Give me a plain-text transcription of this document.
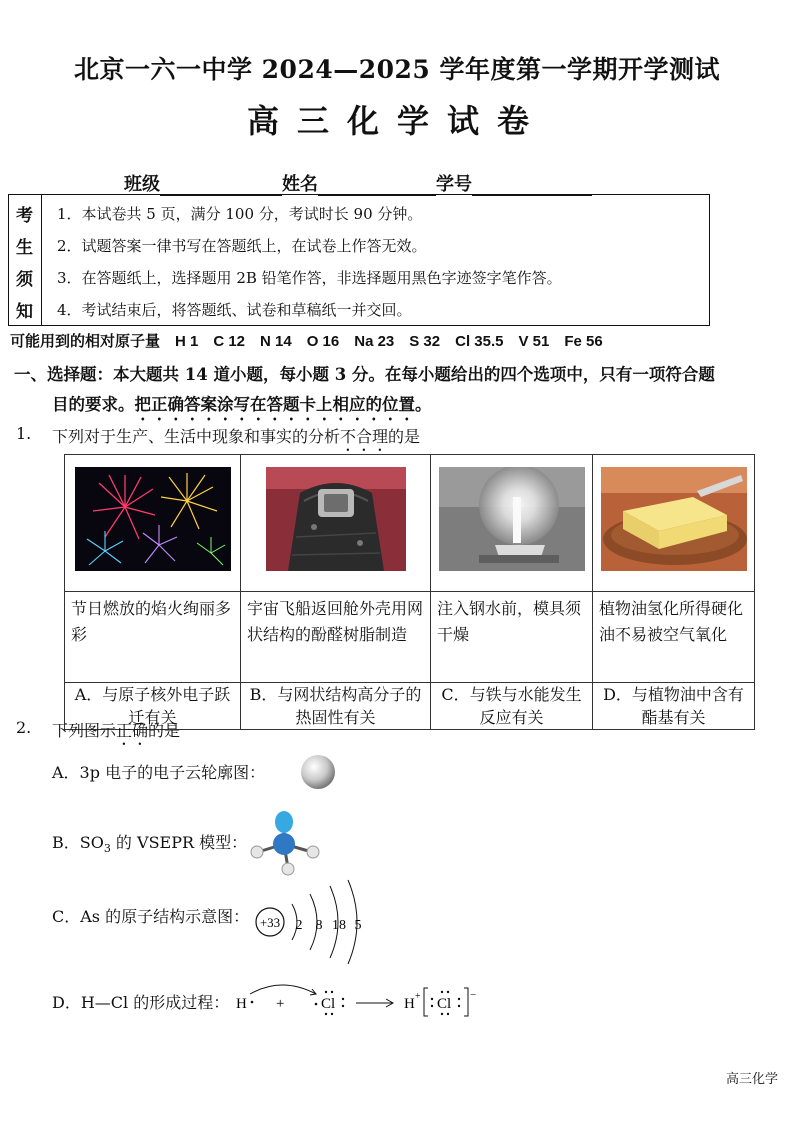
北京一六一中学 2024—2025 学年度第一学期开学测试
高三化学试卷
班级	姓名	学号
考
生
须
知
1．本试卷共 5 页，满分 100 分，考试时长 90 分钟。
2．试题答案一律书写在答题纸上，在试卷上作答无效。
3．在答题纸上，选择题用 2B 铅笔作答，非选择题用黑色字迹签字笔作答。
4．考试结束后，将答题纸、试卷和草稿纸一并交回。
可能用到的相对原子量　H 1　C 12　N 14　O 16　Na 23　S 32　Cl 35.5　V 51　Fe 56
一、选择题：本大题共 14 道小题，每小题 3 分。在每小题给出的四个选项中，只有一项符合题
目的要求。把正确答案涂写在答题卡上相应的位置。
1. 下列对于生产、生活中现象和事实的分析不合理的是

节日燃放的焰火绚丽多彩	宇宙飞船返回舱外壳用网状结构的酚醛树脂制造	注入钢水前，模具须干燥	植物油氢化所得硬化油不易被空气氧化
A．与原子核外电子跃迁有关	B．与网状结构高分子的热固性有关	C．与铁与水能发生反应有关	D．与植物油中含有酯基有关
2. 下列图示正确的是
A．3p 电子的电子云轮廓图：
B．$SO_3$ 的 VSEPR 模型：
C．As 的原子结构示意图： +33 2 8 18 5
D．H—Cl 的形成过程： H + Cl	H + Cl
−
高三化学
